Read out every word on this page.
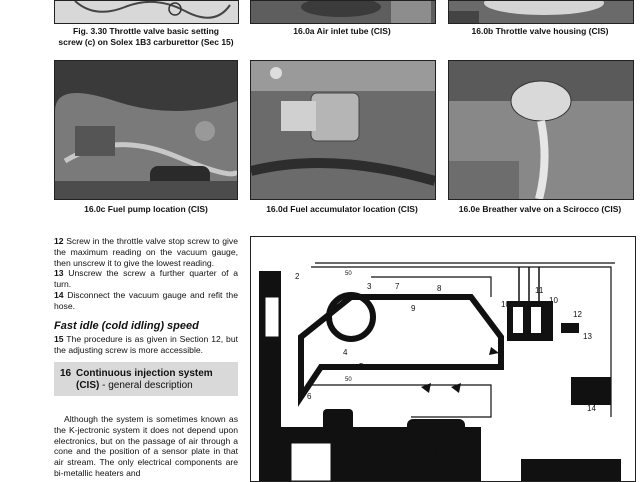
Fig. 3.30 Throttle valve basic setting
screw (c) on Solex 1B3 carburettor (Sec 15)
16.0a Air inlet tube (CIS)	16.0b Throttle valve housing (CIS)
16.0c Fuel pump location (CIS)	16.0d Fuel accumulator location (CIS)	16.0e Breather valve on a Scirocco (CIS)

12 Screw in the throttle valve stop screw to give the maximum reading on the vacuum gauge, then unscrew it to give the lowest reading.

13 Unscrew the screw a further quarter of a turn.

14 Disconnect the vacuum gauge and refit the hose.

Fast idle (cold idling) speed

15 The procedure is as given in Section 12, but the adjusting screw is more accessible.

16 Continuous injection system (CIS) - general description

Although the system is sometimes known as the K-jectronic system it does not depend upon electronics, but on the passage of air through a cone and the position of a sensor plate in that air stream. The only electrical components are bi-metallic heaters and

2
3
4
5
1
6
7	8
9	10	10
11
12
13
14
17
18
50
50
